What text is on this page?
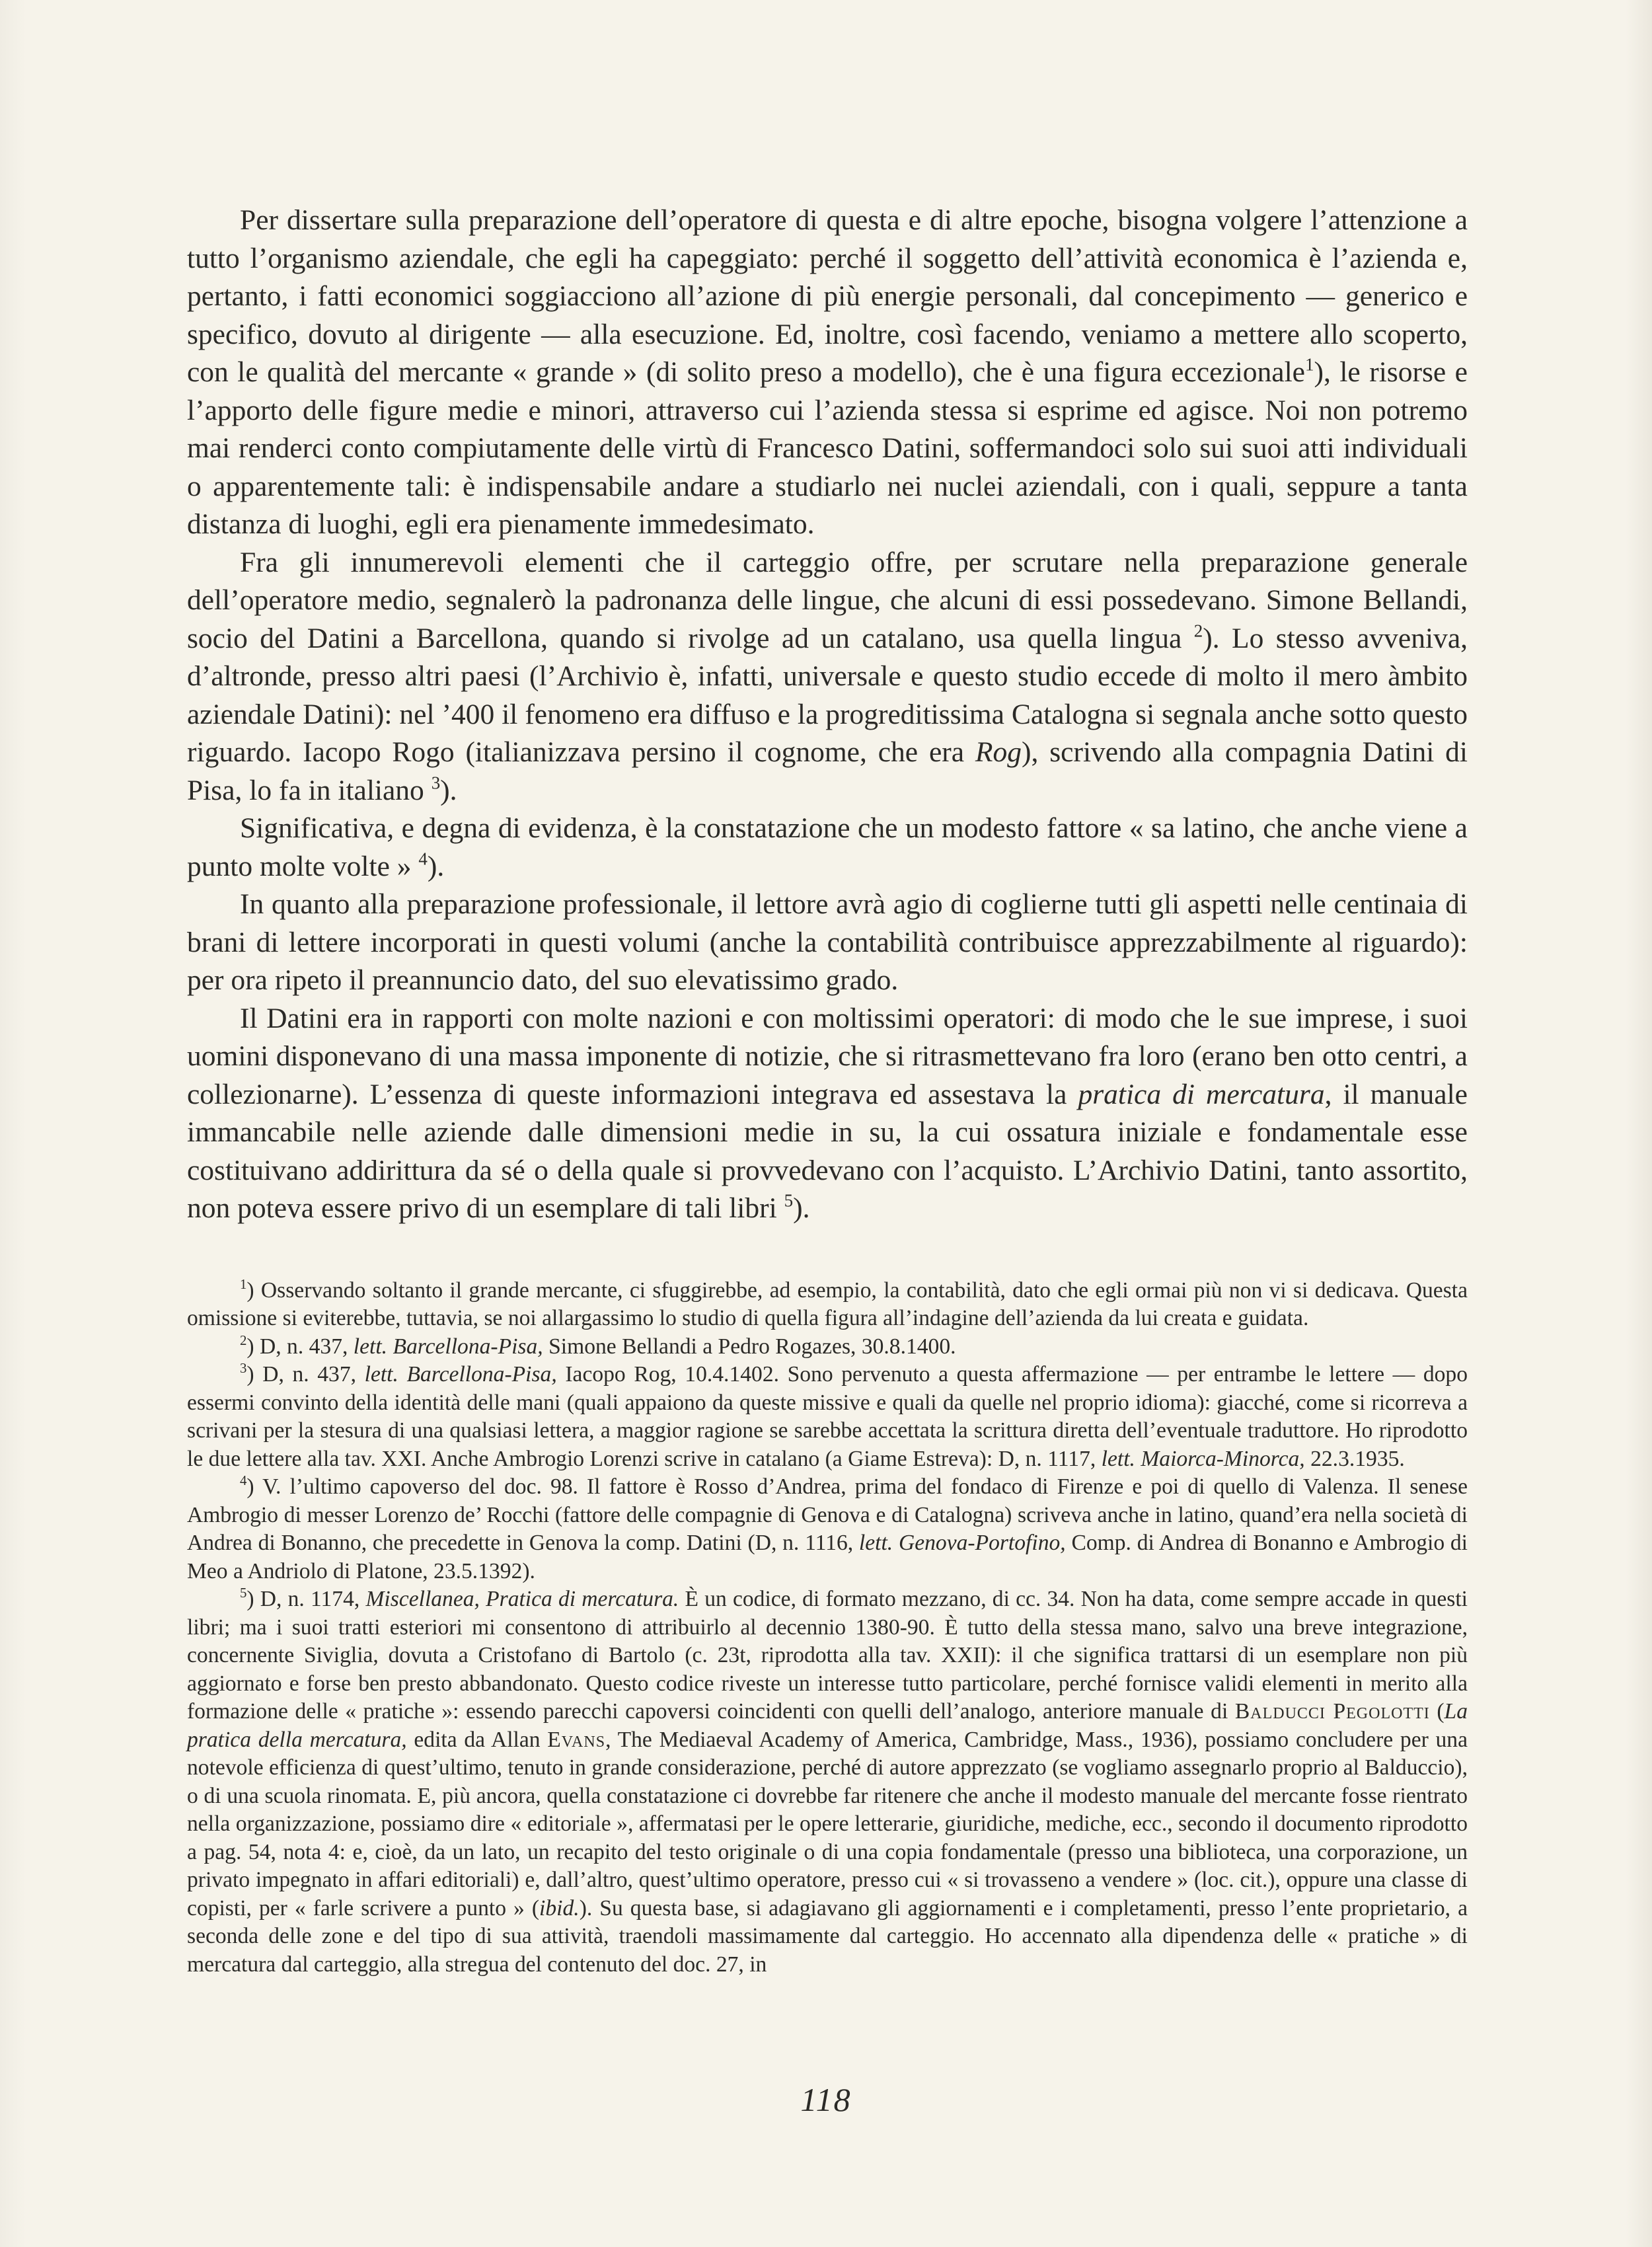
Per dissertare sulla preparazione dell’operatore di questa e di altre epoche, bisogna volgere l’attenzione a tutto l’organismo aziendale, che egli ha capeggiato: perché il soggetto dell’attività economica è l’azienda e, pertanto, i fatti economici soggiacciono all’azione di più energie personali, dal concepimento — generico e specifico, dovuto al dirigente — alla esecuzione. Ed, inoltre, così facendo, veniamo a mettere allo scoperto, con le qualità del mercante « grande » (di solito preso a modello), che è una figura eccezionale$^1$), le risorse e l’apporto delle figure medie e minori, attraverso cui l’azienda stessa si esprime ed agisce. Noi non potremo mai renderci conto compiutamente delle virtù di Francesco Datini, soffermandoci solo sui suoi atti individuali o apparentemente tali: è indispensabile andare a studiarlo nei nuclei aziendali, con i quali, seppure a tanta distanza di luoghi, egli era pienamente immedesimato.

Fra gli innumerevoli elementi che il carteggio offre, per scrutare nella preparazione generale dell’operatore medio, segnalerò la padronanza delle lingue, che alcuni di essi possedevano. Simone Bellandi, socio del Datini a Barcellona, quando si rivolge ad un catalano, usa quella lingua $^2$). Lo stesso avveniva, d’altronde, presso altri paesi (l’Archivio è, infatti, universale e questo studio eccede di molto il mero àmbito aziendale Datini): nel ’400 il fenomeno era diffuso e la progreditissima Catalogna si segnala anche sotto questo riguardo. Iacopo Rogo (italianizzava persino il cognome, che era Rog), scrivendo alla compagnia Datini di Pisa, lo fa in italiano $^3$).

Significativa, e degna di evidenza, è la constatazione che un modesto fattore « sa latino, che anche viene a punto molte volte » $^4$).

In quanto alla preparazione professionale, il lettore avrà agio di coglierne tutti gli aspetti nelle centinaia di brani di lettere incorporati in questi volumi (anche la contabilità contribuisce apprezzabilmente al riguardo): per ora ripeto il preannuncio dato, del suo elevatissimo grado.

Il Datini era in rapporti con molte nazioni e con moltissimi operatori: di modo che le sue imprese, i suoi uomini disponevano di una massa imponente di notizie, che si ritrasmettevano fra loro (erano ben otto centri, a collezionarne). L’essenza di queste informazioni integrava ed assestava la pratica di mercatura, il manuale immancabile nelle aziende dalle dimensioni medie in su, la cui ossatura iniziale e fondamentale esse costituivano addirittura da sé o della quale si provvedevano con l’acquisto. L’Archivio Datini, tanto assortito, non poteva essere privo di un esemplare di tali libri $^5$).

$^1$) Osservando soltanto il grande mercante, ci sfuggirebbe, ad esempio, la contabilità, dato che egli ormai più non vi si dedicava. Questa omissione si eviterebbe, tuttavia, se noi allargassimo lo studio di quella figura all’indagine dell’azienda da lui creata e guidata.

$^2$) D, n. 437, lett. Barcellona-Pisa, Simone Bellandi a Pedro Rogazes, 30.8.1400.

$^3$) D, n. 437, lett. Barcellona-Pisa, Iacopo Rog, 10.4.1402. Sono pervenuto a questa affermazione — per entrambe le lettere — dopo essermi convinto della identità delle mani (quali appaiono da queste missive e quali da quelle nel proprio idioma): giacché, come si ricorreva a scrivani per la stesura di una qualsiasi lettera, a maggior ragione se sarebbe accettata la scrittura diretta dell’eventuale traduttore. Ho riprodotto le due lettere alla tav. XXI. Anche Ambrogio Lorenzi scrive in catalano (a Giame Estreva): D, n. 1117, lett. Maiorca-Minorca, 22.3.1935.

$^4$) V. l’ultimo capoverso del doc. 98. Il fattore è Rosso d’Andrea, prima del fondaco di Firenze e poi di quello di Valenza. Il senese Ambrogio di messer Lorenzo de’ Rocchi (fattore delle compagnie di Genova e di Catalogna) scriveva anche in latino, quand’era nella società di Andrea di Bonanno, che precedette in Genova la comp. Datini (D, n. 1116, lett. Genova-Portofino, Comp. di Andrea di Bonanno e Ambrogio di Meo a Andriolo di Platone, 23.5.1392).

$^5$) D, n. 1174, Miscellanea, Pratica di mercatura. È un codice, di formato mezzano, di cc. 34. Non ha data, come sempre accade in questi libri; ma i suoi tratti esteriori mi consentono di attribuirlo al decennio 1380-90. È tutto della stessa mano, salvo una breve integrazione, concernente Siviglia, dovuta a Cristofano di Bartolo (c. 23t, riprodotta alla tav. XXII): il che significa trattarsi di un esemplare non più aggiornato e forse ben presto abbandonato. Questo codice riveste un interesse tutto particolare, perché fornisce validi elementi in merito alla formazione delle « pratiche »: essendo parecchi capoversi coincidenti con quelli dell’analogo, anteriore manuale di Balducci Pegolotti (La pratica della mercatura, edita da Allan Evans, The Mediaeval Academy of America, Cambridge, Mass., 1936), possiamo concludere per una notevole efficienza di quest’ultimo, tenuto in grande considerazione, perché di autore apprezzato (se vogliamo assegnarlo proprio al Balduccio), o di una scuola rinomata. E, più ancora, quella constatazione ci dovrebbe far ritenere che anche il modesto manuale del mercante fosse rientrato nella organizzazione, possiamo dire « editoriale », affermatasi per le opere letterarie, giuridiche, mediche, ecc., secondo il documento riprodotto a pag. 54, nota 4: e, cioè, da un lato, un recapito del testo originale o di una copia fondamentale (presso una biblioteca, una corporazione, un privato impegnato in affari editoriali) e, dall’altro, quest’ultimo operatore, presso cui « si trovasseno a vendere » (loc. cit.), oppure una classe di copisti, per « farle scrivere a punto » (ibid.). Su questa base, si adagiavano gli aggiornamenti e i completamenti, presso l’ente proprietario, a seconda delle zone e del tipo di sua attività, traendoli massimamente dal carteggio. Ho accennato alla dipendenza delle « pratiche » di mercatura dal carteggio, alla stregua del contenuto del doc. 27, in

118
